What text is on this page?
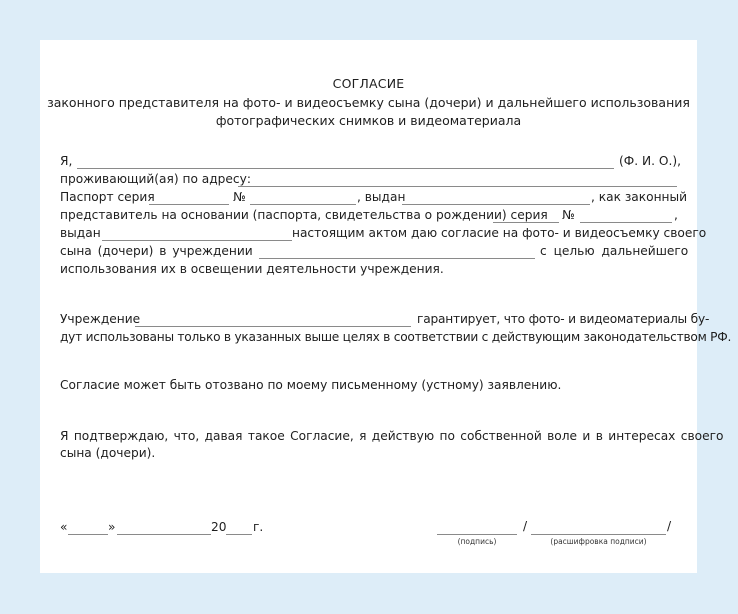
СОГЛАСИЕ
законного представителя на фото- и видеосъемку сына (дочери) и дальнейшего использования
фотографических снимков и видеоматериала
Я,	(Ф. И. О.),
проживающий(ая) по адресу:
Паспорт серия	№	, выдан	, как законный
представитель на основании (паспорта, свидетельства о рождении) серия №	,
выдан	настоящим актом даю согласие на фото- и видеосъемку своего
сына (дочери) в учреждении	с целью дальнейшего
использования их в освещении деятельности учреждения.
Учреждение	гарантирует, что фото- и видеоматериалы бу-
дут использованы только в указанных выше целях в соответствии с действующим законодательством РФ.
Согласие может быть отозвано по моему письменному (устному) заявлению.
Я подтверждаю, что, давая такое Согласие, я действую по собственной воле и в интересах своего
сына (дочери).
«	»	20 г.	/	/
(подпись)	(расшифровка подписи)
